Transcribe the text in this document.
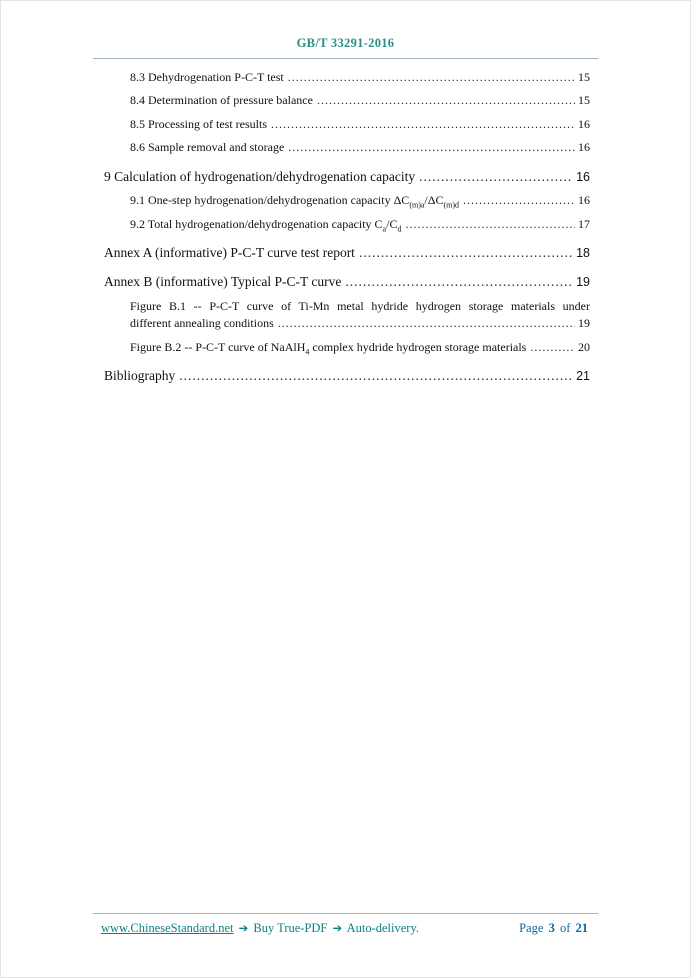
GB/T 33291-2016
8.3 Dehydrogenation P-C-T test .....	15
8.4 Determination of pressure balance .....	15
8.5 Processing of test results .....	16
8.6 Sample removal and storage .....	16
9 Calculation of hydrogenation/dehydrogenation capacity .....	16
9.1 One-step hydrogenation/dehydrogenation capacity $\Delta C_{(m)a}/\Delta C_{(m)d}$ .....	16
9.2 Total hydrogenation/dehydrogenation capacity $C_a/C_d$ .....	17
Annex A (informative) P-C-T curve test report .....	18
Annex B (informative) Typical P-C-T curve .....	19
Figure B.1 -- P-C-T curve of Ti-Mn metal hydride hydrogen storage materials under
different annealing conditions .....	19
Figure B.2 -- P-C-T curve of NaAlH$_4$ complex hydride hydrogen storage materials .....	20
Bibliography .....	21
www.ChineseStandard.net ➔ Buy True-PDF ➔ Auto-delivery.	Page 3 of 21
